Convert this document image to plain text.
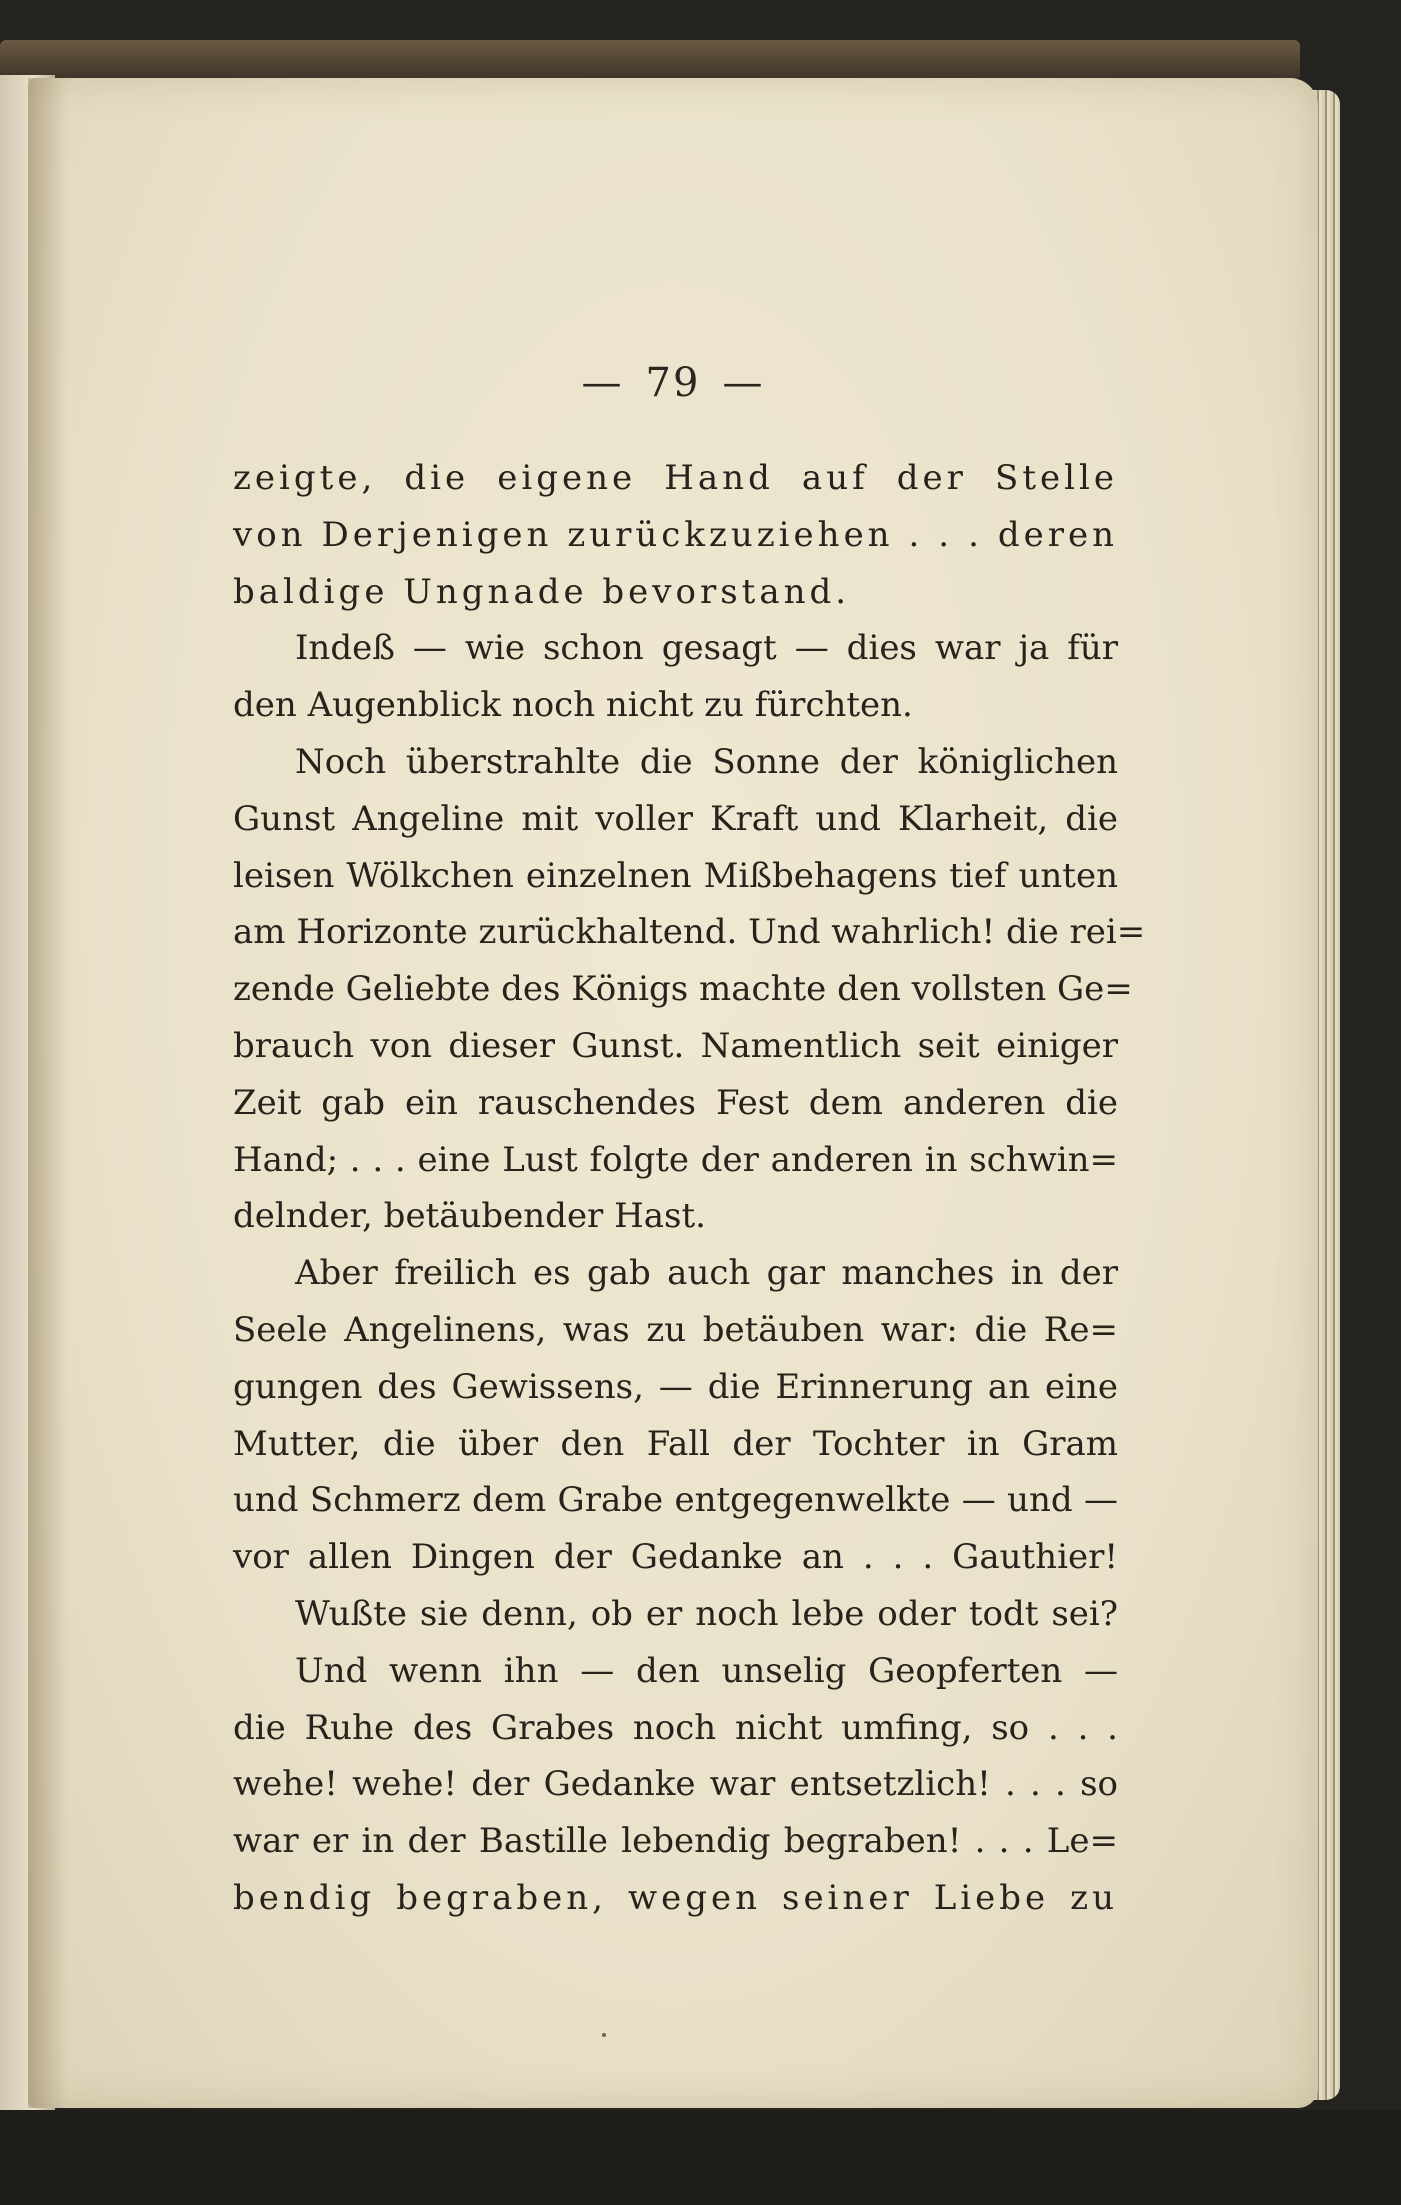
— 79 —
zeigte, die eigene Hand auf der Stelle
von Derjenigen zurückzuziehen . . . deren
baldige Ungnade bevorstand.
Indeß — wie schon gesagt — dies war ja für
den Augenblick noch nicht zu fürchten.
Noch überstrahlte die Sonne der königlichen
Gunst Angeline mit voller Kraft und Klarheit, die
leisen Wölkchen einzelnen Mißbehagens tief unten
am Horizonte zurückhaltend. Und wahrlich! die rei=
zende Geliebte des Königs machte den vollsten Ge=
brauch von dieser Gunst. Namentlich seit einiger
Zeit gab ein rauschendes Fest dem anderen die
Hand; . . . eine Lust folgte der anderen in schwin=
delnder, betäubender Hast.
Aber freilich es gab auch gar manches in der
Seele Angelinens, was zu betäuben war: die Re=
gungen des Gewissens, — die Erinnerung an eine
Mutter, die über den Fall der Tochter in Gram
und Schmerz dem Grabe entgegenwelkte — und —
vor allen Dingen der Gedanke an . . . Gauthier!
Wußte sie denn, ob er noch lebe oder todt sei?
Und wenn ihn — den unselig Geopferten —
die Ruhe des Grabes noch nicht umfing, so . . .
wehe! wehe! der Gedanke war entsetzlich! . . . so
war er in der Bastille lebendig begraben! . . . Le=
bendig begraben, wegen seiner Liebe zu
